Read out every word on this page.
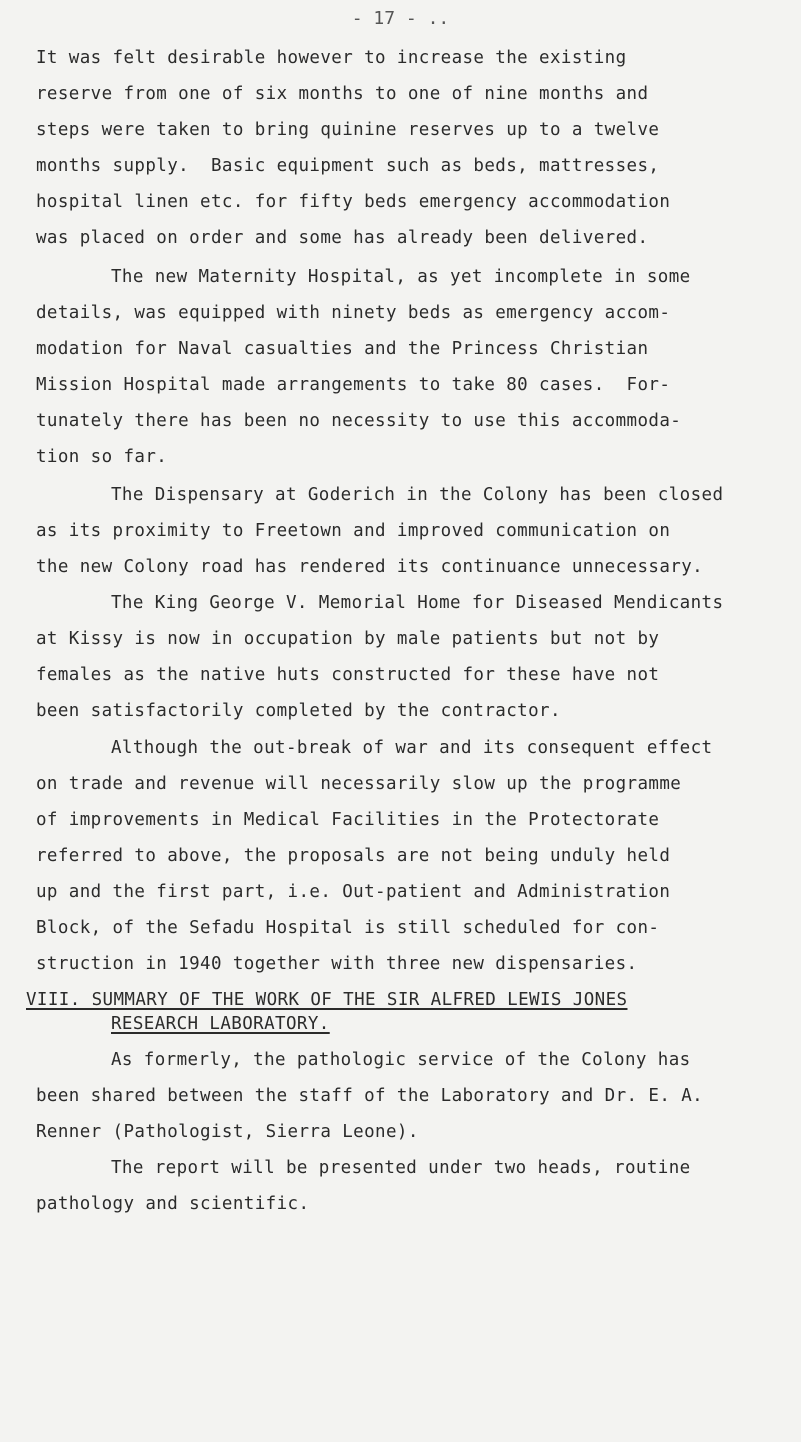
- 17 - ..
It was felt desirable however to increase the existing
reserve from one of six months to one of nine months and
steps were taken to bring quinine reserves up to a twelve
months supply.  Basic equipment such as beds, mattresses,
hospital linen etc. for fifty beds emergency accommodation
was placed on order and some has already been delivered.
The new Maternity Hospital, as yet incomplete in some
details, was equipped with ninety beds as emergency accom-
modation for Naval casualties and the Princess Christian
Mission Hospital made arrangements to take 80 cases.  For-
tunately there has been no necessity to use this accommoda-
tion so far.
The Dispensary at Goderich in the Colony has been closed
as its proximity to Freetown and improved communication on
the new Colony road has rendered its continuance unnecessary.
The King George V. Memorial Home for Diseased Mendicants
at Kissy is now in occupation by male patients but not by
females as the native huts constructed for these have not
been satisfactorily completed by the contractor.
Although the out-break of war and its consequent effect
on trade and revenue will necessarily slow up the programme
of improvements in Medical Facilities in the Protectorate
referred to above, the proposals are not being unduly held
up and the first part, i.e. Out-patient and Administration
Block, of the Sefadu Hospital is still scheduled for con-
struction in 1940 together with three new dispensaries.
VIII. SUMMARY OF THE WORK OF THE SIR ALFRED LEWIS JONES
RESEARCH LABORATORY.
As formerly, the pathologic service of the Colony has
been shared between the staff of the Laboratory and Dr. E. A.
Renner (Pathologist, Sierra Leone).
The report will be presented under two heads, routine
pathology and scientific.
